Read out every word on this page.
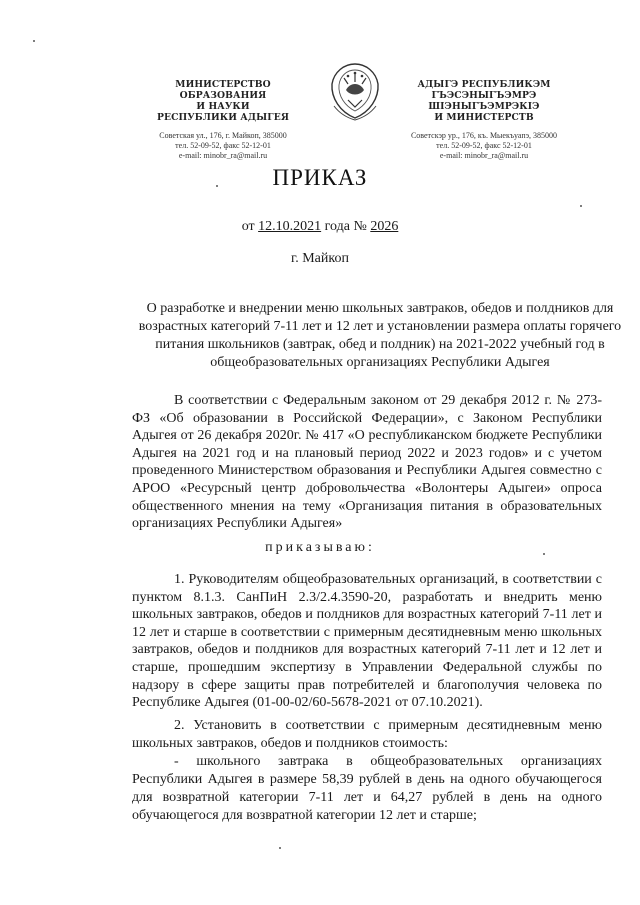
МИНИСТЕРСТВО ОБРАЗОВАНИЯ
И НАУКИ
РЕСПУБЛИКИ АДЫГЕЯ
Советская ул., 176, г. Майкоп, 385000
тел. 52-09-52, факс 52-12-01
e-mail: minobr_ra@mail.ru
АДЫГЭ РЕСПУБЛИКЭМ
ГЪЭСЭНЫГЪЭМРЭ ШІЭНЫГЪЭМРЭКІЭ
И МИНИСТЕРСТВ
Советскэр ур., 176, къ. Мыекъуапэ, 385000
тел. 52-09-52, факс 52-12-01
e-mail: minobr_ra@mail.ru
ПРИКАЗ
от 12.10.2021 года № 2026
г. Майкоп
О разработке и внедрении меню школьных завтраков, обедов и полдников для возрастных категорий 7-11 лет и 12 лет и установлении размера оплаты горячего питания школьников (завтрак, обед и полдник) на 2021-2022 учебный год в общеобразовательных организациях Республики Адыгея
В соответствии с Федеральным законом от 29 декабря 2012 г. № 273-ФЗ «Об образовании в Российской Федерации», с Законом Республики Адыгея от 26 декабря 2020г. № 417 «О республиканском бюджете Республики Адыгея на 2021 год и на плановый период 2022 и 2023 годов» и с учетом проведенного Министерством образования и Республики Адыгея совместно с АРОО «Ресурсный центр добровольчества «Волонтеры Адыгеи» опроса общественного мнения на тему «Организация питания в образовательных организациях Республики Адыгея»
приказываю:
1. Руководителям общеобразовательных организаций, в соответствии с пунктом 8.1.3. СанПиН 2.3/2.4.3590-20, разработать и внедрить меню школьных завтраков, обедов и полдников для возрастных категорий 7-11 лет и 12 лет и старше в соответствии с примерным десятидневным меню школьных завтраков, обедов и полдников для возрастных категорий 7-11 лет и 12 лет и старше, прошедшим экспертизу в Управлении Федеральной службы по надзору в сфере защиты прав потребителей и благополучия человека по Республике Адыгея (01-00-02/60-5678-2021 от 07.10.2021).
2. Установить в соответствии с примерным десятидневным меню школьных завтраков, обедов и полдников стоимость:
- школьного завтрака в общеобразовательных организациях Республики Адыгея в размере 58,39 рублей в день на одного обучающегося для возвратной категории 7-11 лет и 64,27 рублей в день на одного обучающегося для возвратной категории 12 лет и старше;
